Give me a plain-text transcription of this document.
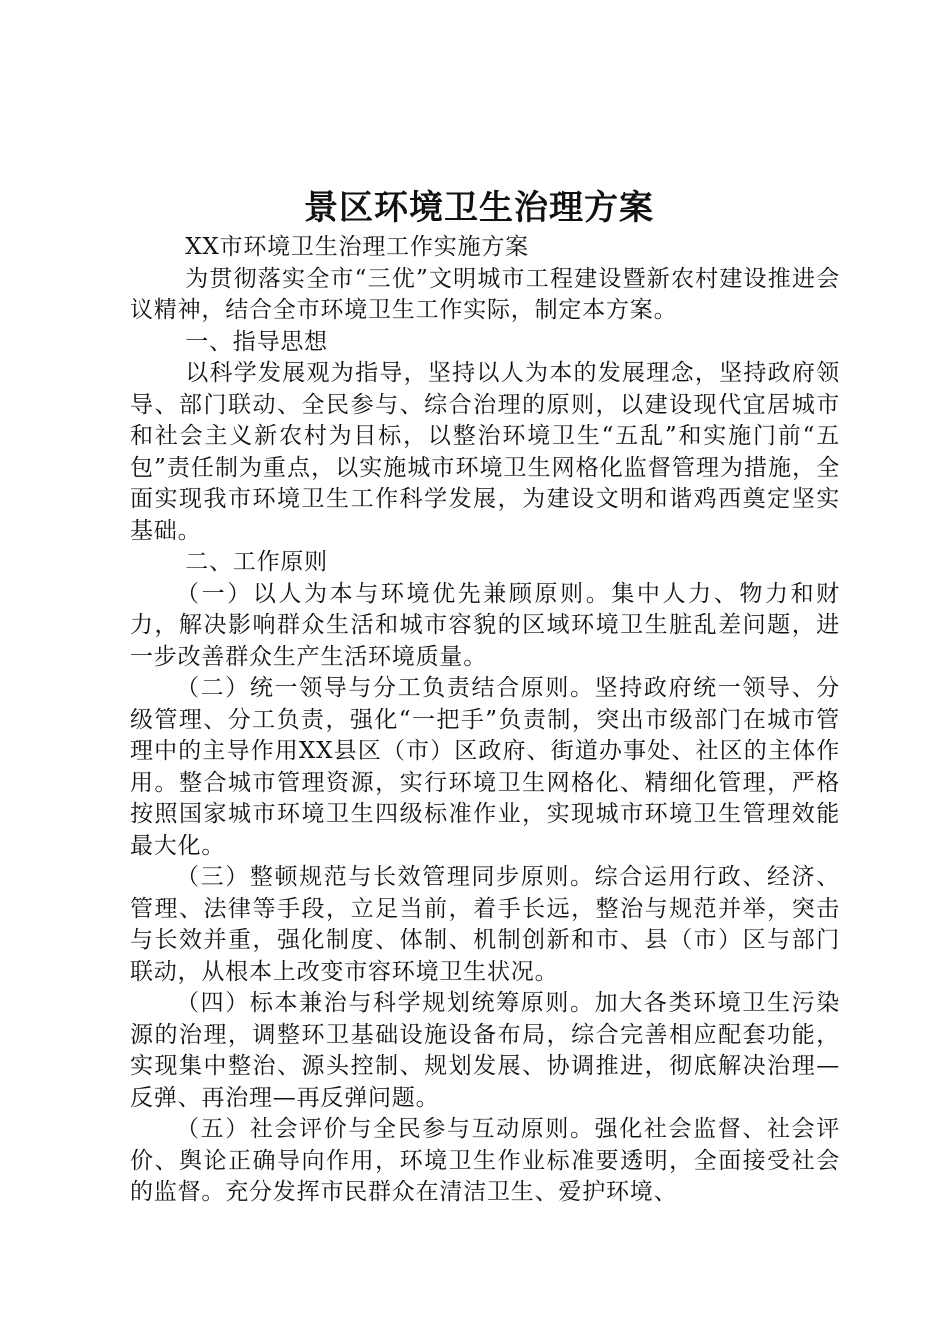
景区环境卫生治理方案

XX市环境卫生治理工作实施方案

为贯彻落实全市“三优”文明城市工程建设暨新农村建设推进会议精神，结合全市环境卫生工作实际，制定本方案。

一、指导思想

以科学发展观为指导，坚持以人为本的发展理念，坚持政府领导、部门联动、全民参与、综合治理的原则，以建设现代宜居城市和社会主义新农村为目标，以整治环境卫生“五乱”和实施门前“五包”责任制为重点，以实施城市环境卫生网格化监督管理为措施，全面实现我市环境卫生工作科学发展，为建设文明和谐鸡西奠定坚实基础。

二、工作原则

（一）以人为本与环境优先兼顾原则。集中人力、物力和财力，解决影响群众生活和城市容貌的区域环境卫生脏乱差问题，进一步改善群众生产生活环境质量。

（二）统一领导与分工负责结合原则。坚持政府统一领导、分级管理、分工负责，强化“一把手”负责制，突出市级部门在城市管理中的主导作用XX县区（市）区政府、街道办事处、社区的主体作用。整合城市管理资源，实行环境卫生网格化、精细化管理，严格按照国家城市环境卫生四级标准作业，实现城市环境卫生管理效能最大化。

（三）整顿规范与长效管理同步原则。综合运用行政、经济、管理、法律等手段，立足当前，着手长远，整治与规范并举，突击与长效并重，强化制度、体制、机制创新和市、县（市）区与部门联动，从根本上改变市容环境卫生状况。

（四）标本兼治与科学规划统筹原则。加大各类环境卫生污染源的治理，调整环卫基础设施设备布局，综合完善相应配套功能，实现集中整治、源头控制、规划发展、协调推进，彻底解决治理—反弹、再治理—再反弹问题。

（五）社会评价与全民参与互动原则。强化社会监督、社会评价、舆论正确导向作用，环境卫生作业标准要透明，全面接受社会的监督。充分发挥市民群众在清洁卫生、爱护环境、
